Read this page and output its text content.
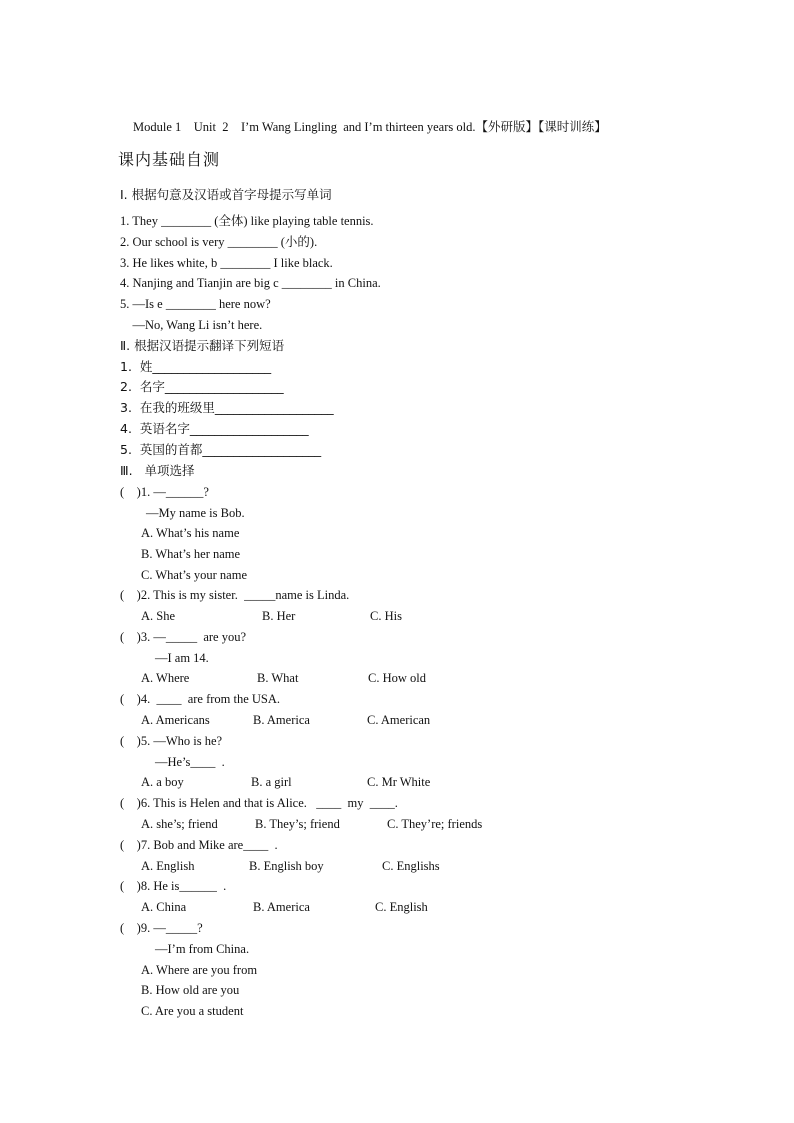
Module 1    Unit  2    I’m Wang Lingling  and I’m thirteen years old.【外研版】【课时训练】
课内基础自测
Ⅰ. 根据句意及汉语或首字母提示写单词
1. They ________ (全体) like playing table tennis.
2. Our school is very ________ (小的).
3. He likes white, b ________ I like black.
4. Nanjing and Tianjin are big c ________ in China.
5. —Is e ________ here now?
—No, Wang Li isn’t here.
Ⅱ. 根据汉语提示翻译下列短语
1.  姓___________________
2.  名字___________________
3.  在我的班级里___________________
4.  英语名字___________________
5.  英国的首都___________________
Ⅲ.   单项选择
(    )1. —______?
—My name is Bob.
A. What’s his name
B. What’s her name
C. What’s your name
(    )2. This is my sister.  _____name is Linda.

A. She

	B. Her

	C. His

(    )3. —_____  are you?
—I am 14.

A. Where

	B. What

	C. How old

(    )4.  ____  are from the USA.

A. Americans

	B. America

	C. American

(    )5. —Who is he?
—He’s____  .

A. a boy

	B. a girl

	C. Mr White

(    )6. This is Helen and that is Alice.   ____  my  ____.

A. she’s; friend

	B. They’s; friend

	C. They’re; friends

(    )7. Bob and Mike are____  .

A. English

	B. English boy

	C. Englishs

(    )8. He is______  .

A. China

	B. America

	C. English

(    )9. —_____?
—I’m from China.
A. Where are you from
B. How old are you
C. Are you a student
